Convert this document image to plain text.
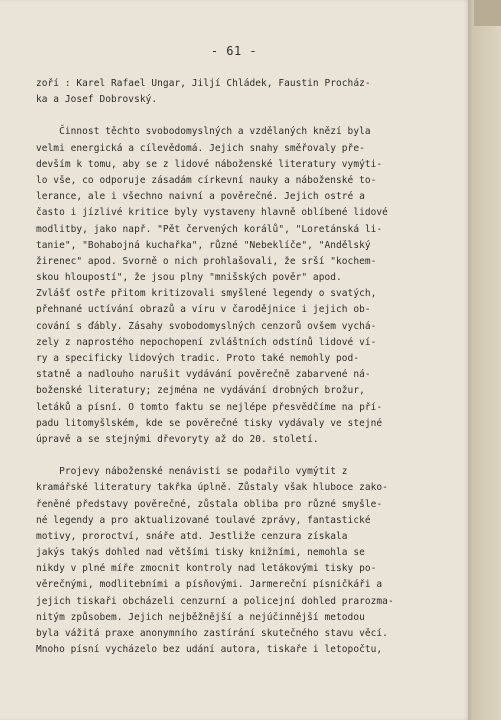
- 61 -
zoří : Karel Rafael Ungar, Jiljí Chládek, Faustin Procház-
ka a Josef Dobrovský.
Činnost těchto svobodomyslných a vzdělaných knězí byla
velmi energická a cílevědomá. Jejich snahy směřovaly pře-
devším k tomu, aby se z lidové náboženské literatury vymýti-
lo vše, co odporuje zásadám církevní nauky a náboženské to-
lerance, ale i všechno naivní a pověrečné. Jejich ostré a
často i jízlivé kritice byly vystaveny hlavně oblíbené lidové
modlitby, jako např. "Pět červených korálů", "Loretánská li-
tanie", "Bohabojná kuchařka", různé "Nebeklíče", "Andělský
žirenec" apod. Svorně o nich prohlašovali, že srší "kochem-
skou hloupostí", že jsou plny "mnišských pověr" apod.
Zvlášť ostře přitom kritizovali smyšlené legendy o svatých,
přehnané uctívání obrazů a víru v čarodějnice i jejich ob-
cování s ďábly. Zásahy svobodomyslných cenzorů ovšem vychá-
zely z naprostého nepochopení zvláštních odstínů lidové ví-
ry a specificky lidových tradic. Proto také nemohly pod-
statně a nadlouho narušit vydávání pověrečně zabarvené ná-
boženské literatury; zejména ne vydávání drobných brožur,
letáků a písní. O tomto faktu se nejlépe přesvědčíme na pří-
padu litomyšlském, kde se pověrečné tisky vydávaly ve stejné
úpravě a se stejnými dřevoryty až do 20. století.
Projevy náboženské nenávisti se podařilo vymýtit z
kramářské literatury takřka úplně. Zůstaly však hluboce zako-
řeněné představy pověrečné, zůstala obliba pro různé smyšle-
né legendy a pro aktualizované toulavé zprávy, fantastické
motivy, proroctví, snáře atd. Jestliže cenzura získala
jakýs takýs dohled nad většími tisky knižními, nemohla se
nikdy v plné míře zmocnit kontroly nad letákovými tisky po-
věrečnými, modlitebními a písňovými. Jarmereční písničkáři a
jejich tiskaři obcházeli cenzurní a policejní dohled prarozma-
nitým způsobem. Jejich nejběžnější a nejúčinnější metodou
byla vážitá praxe anonymního zastírání skutečného stavu věcí.
Mnoho písní vycházelo bez udání autora, tiskaře i letopočtu,
